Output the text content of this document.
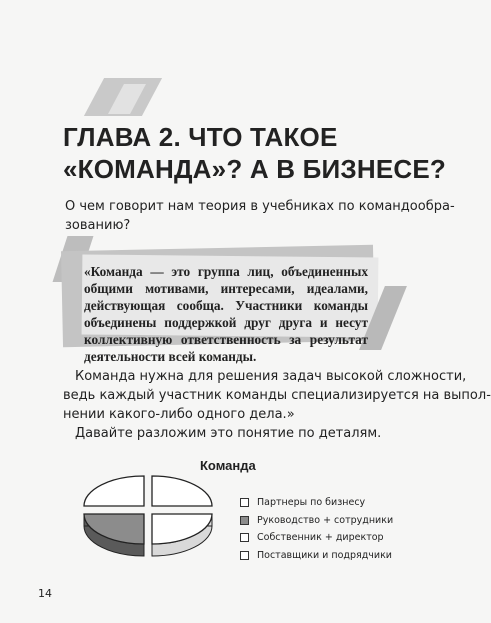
ГЛАВА 2. ЧТО ТАКОЕ
«КОМАНДА»? А В БИЗНЕСЕ?
О чем говорит нам теория в учебниках по командообра-
зованию?

«Команда — это группа лиц, объединенных общими мотивами, интересами, идеалами, действующая сообща. Участники команды объединены поддержкой друг друга и несут коллективную ответственность за результат деятельности всей команды.

Команда нужна для решения задач высокой сложности,
ведь каждый участник команды специализируется на выпол-
нении какого-либо одного дела.»
Давайте разложим это понятие по деталям.
Команда
Партнеры по бизнесу
Руководство + сотрудники
Собственник + директор
Поставщики и подрядчики
14
